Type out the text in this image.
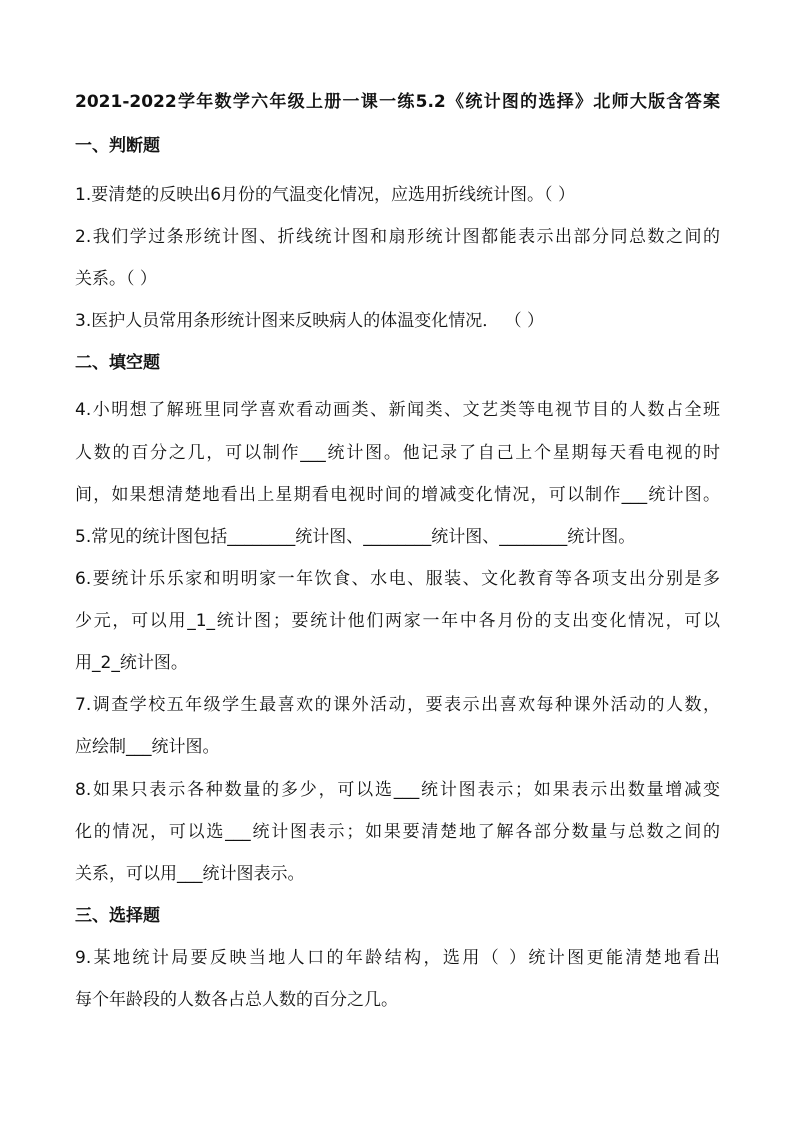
2021-2022学年数学六年级上册一课一练5.2《统计图的选择》北师大版含答案
一、判断题
1.要清楚的反映出6月份的气温变化情况，应选用折线统计图。（ ）
2.我们学过条形统计图、折线统计图和扇形统计图都能表示出部分同总数之间的
关系。（ ）
3.医护人员常用条形统计图来反映病人的体温变化情况． （ ）
二、填空题
4.小明想了解班里同学喜欢看动画类、新闻类、文艺类等电视节目的人数占全班
人数的百分之几，可以制作___统计图。他记录了自己上个星期每天看电视的时
间，如果想清楚地看出上星期看电视时间的增减变化情况，可以制作___统计图。
5.常见的统计图包括________统计图、________统计图、________统计图。
6.要统计乐乐家和明明家一年饮食、水电、服装、文化教育等各项支出分别是多
少元，可以用_1_统计图；要统计他们两家一年中各月份的支出变化情况，可以
用_2_统计图。
7.调查学校五年级学生最喜欢的课外活动，要表示出喜欢每种课外活动的人数，
应绘制___统计图。
8.如果只表示各种数量的多少，可以选___统计图表示；如果表示出数量增减变
化的情况，可以选___统计图表示；如果要清楚地了解各部分数量与总数之间的
关系，可以用___统计图表示。
三、选择题
9.某地统计局要反映当地人口的年龄结构，选用（ ）统计图更能清楚地看出
每个年龄段的人数各占总人数的百分之几。
